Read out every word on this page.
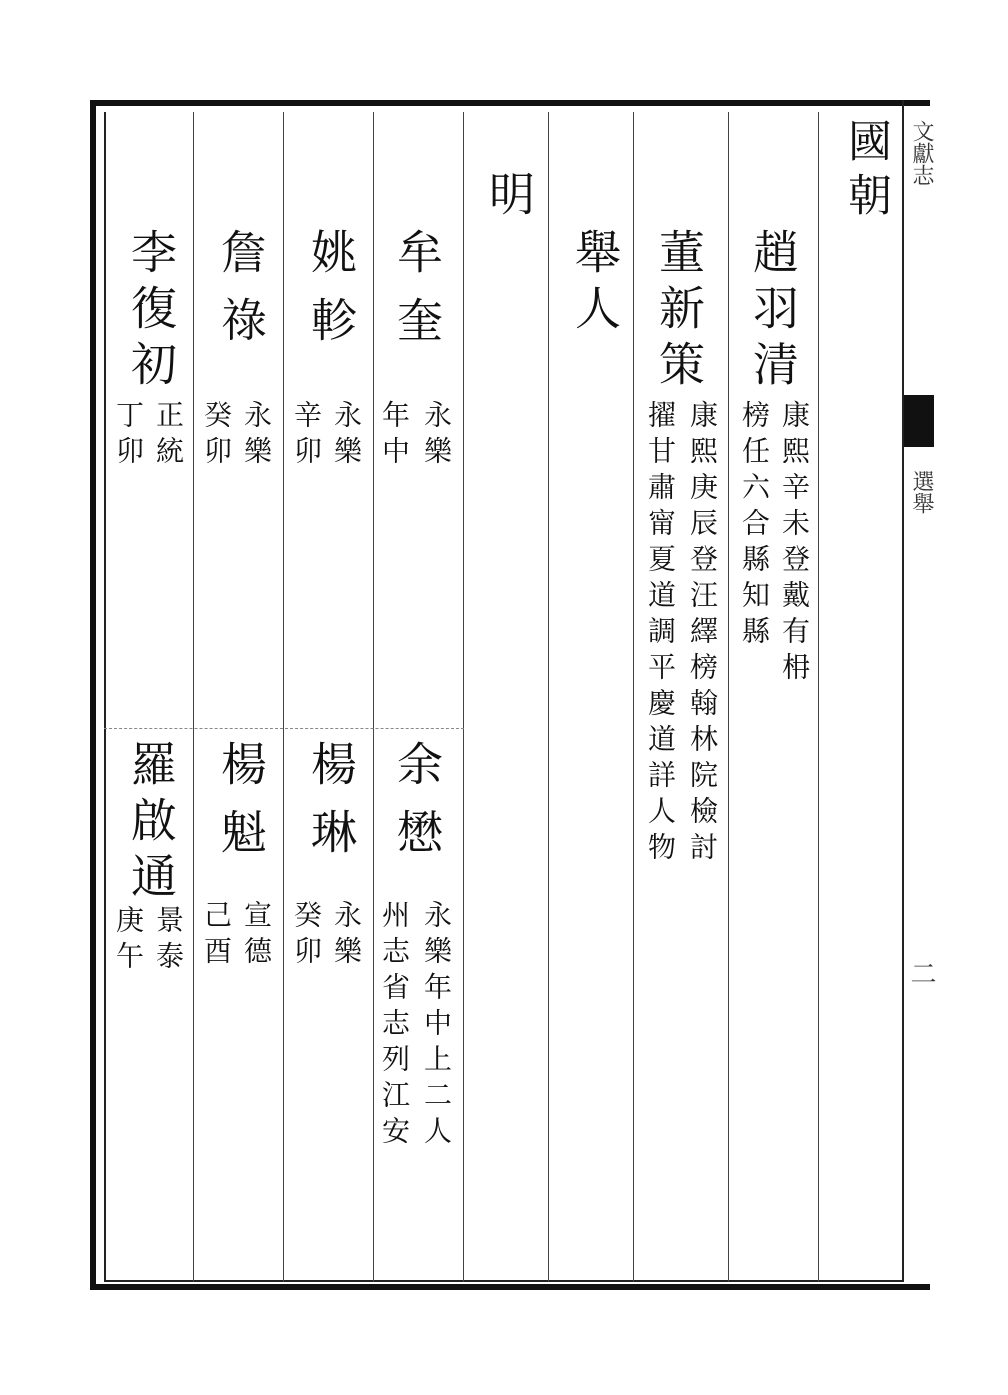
文獻志
選舉
二
國朝
趙羽清
康熙辛未登戴有枏
榜任六合縣知縣
董新策
康熙庚辰登汪繹榜翰林院檢討
擢甘肅甯夏道調平慶道詳人物
舉人
明
牟奎
永樂
年中
余懋
永樂年中上二人
州志省志列江安
姚軫
永樂
辛卯
楊琳
永樂
癸卯
詹祿
永樂
癸卯
楊魁
宣德
己酉
李復初
正統
丁卯
羅啟通
景泰
庚午
